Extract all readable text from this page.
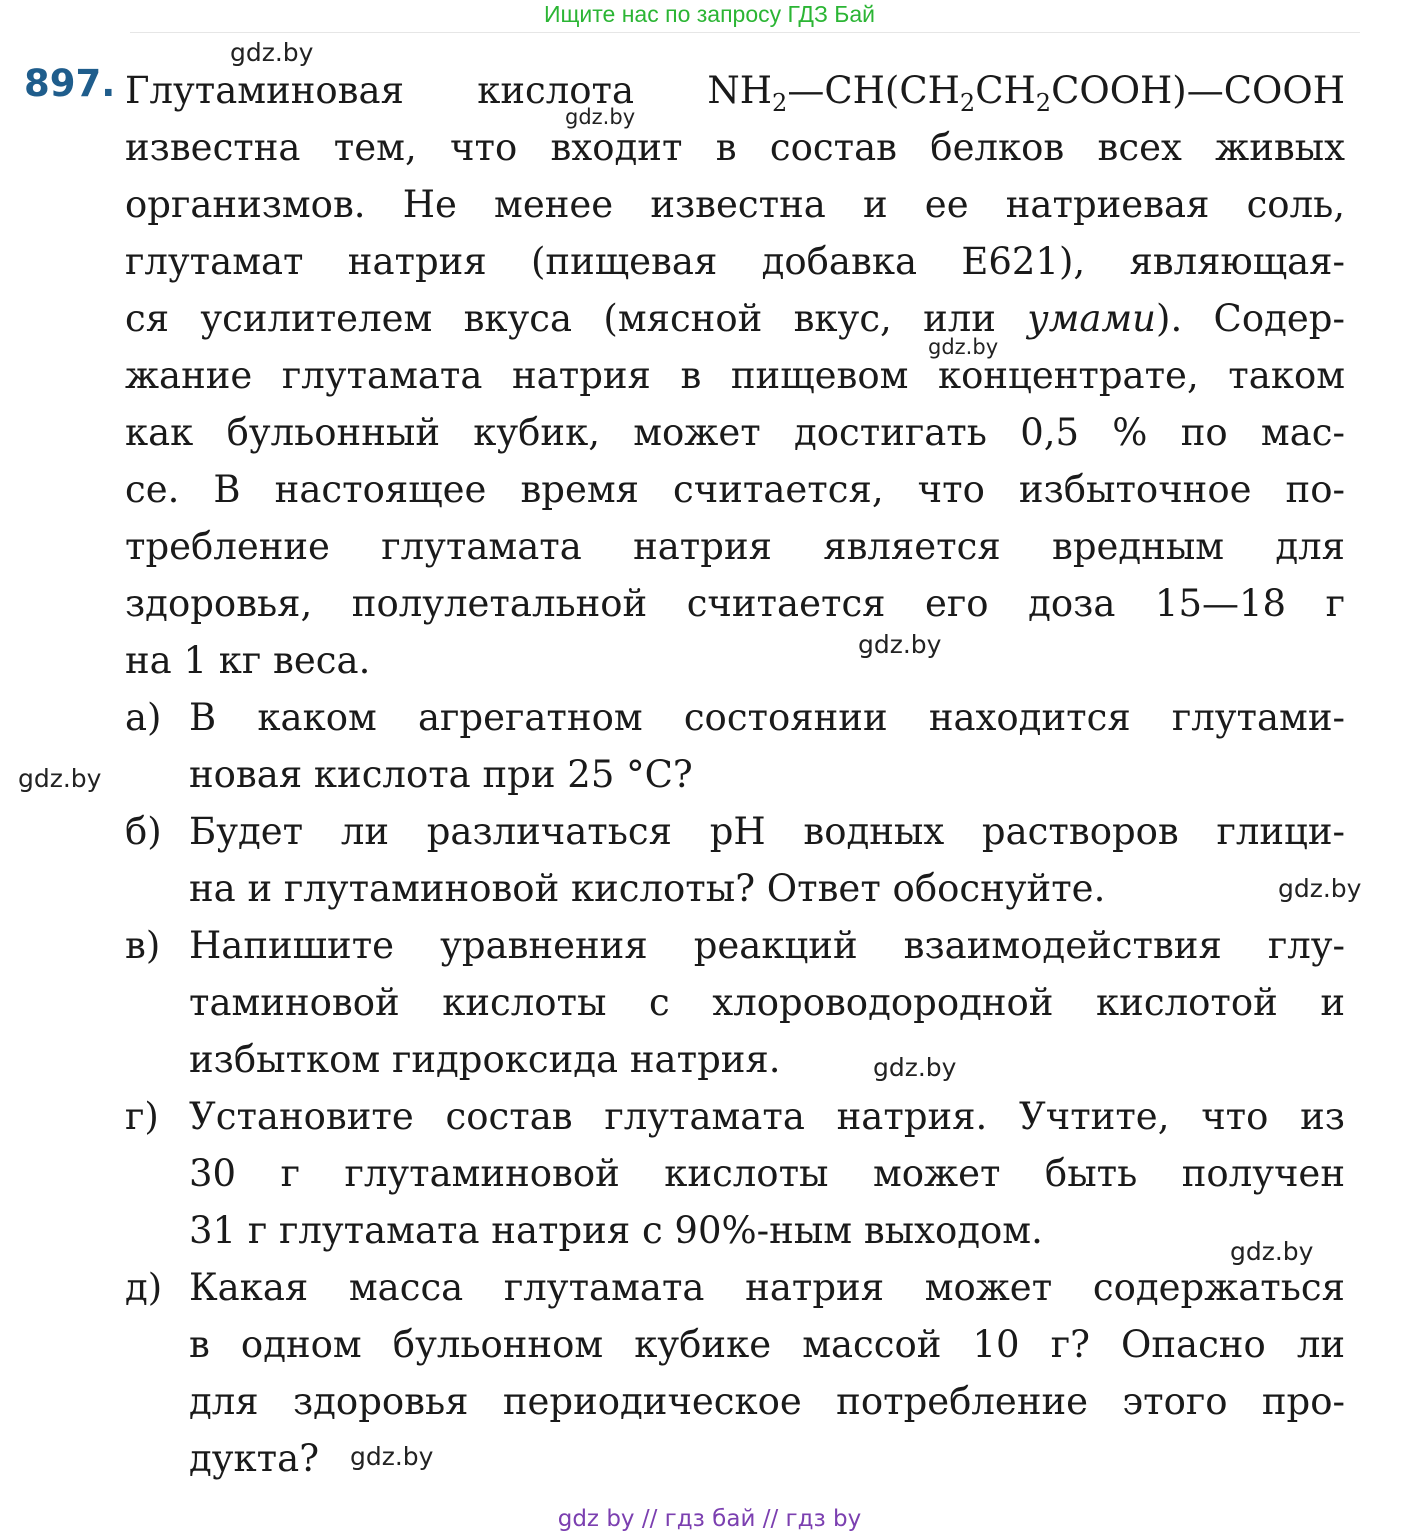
Ищите нас по запросу ГДЗ Бай
gdz.by
gdz.by
gdz.by
gdz.by
gdz.by
gdz.by
gdz.by
gdz.by
gdz.by
897. Глутаминовая кислота $NH_2—CH(CH_2CH_2COOH)—COOH$
известна тем, что входит в состав белков всех живых
организмов. Не менее известна и ее натриевая соль,
глутамат натрия (пищевая добавка Е621), являющая-
ся усилителем вкуса (мясной вкус, или умами). Содер-
жание глутамата натрия в пищевом концентрате, таком
как бульонный кубик, может достигать 0,5 % по мас-
се. В настоящее время считается, что избыточное по-
требление глутамата натрия является вредным для
здоровья, полулетальной считается его доза 15—18 г
на 1 кг веса.
а) В каком агрегатном состоянии находится глутами-
новая кислота при 25 °С?
б) Будет ли различаться pH водных растворов глици-
на и глутаминовой кислоты? Ответ обоснуйте.
в) Напишите уравнения реакций взаимодействия глу-
таминовой кислоты с хлороводородной кислотой и
избытком гидроксида натрия.
г) Установите состав глутамата натрия. Учтите, что из
30 г глутаминовой кислоты может быть получен
31 г глутамата натрия с 90%-ным выходом.
д) Какая масса глутамата натрия может содержаться
в одном бульонном кубике массой 10 г? Опасно ли
для здоровья периодическое потребление этого про-
дукта?
gdz by // гдз бай // гдз by
